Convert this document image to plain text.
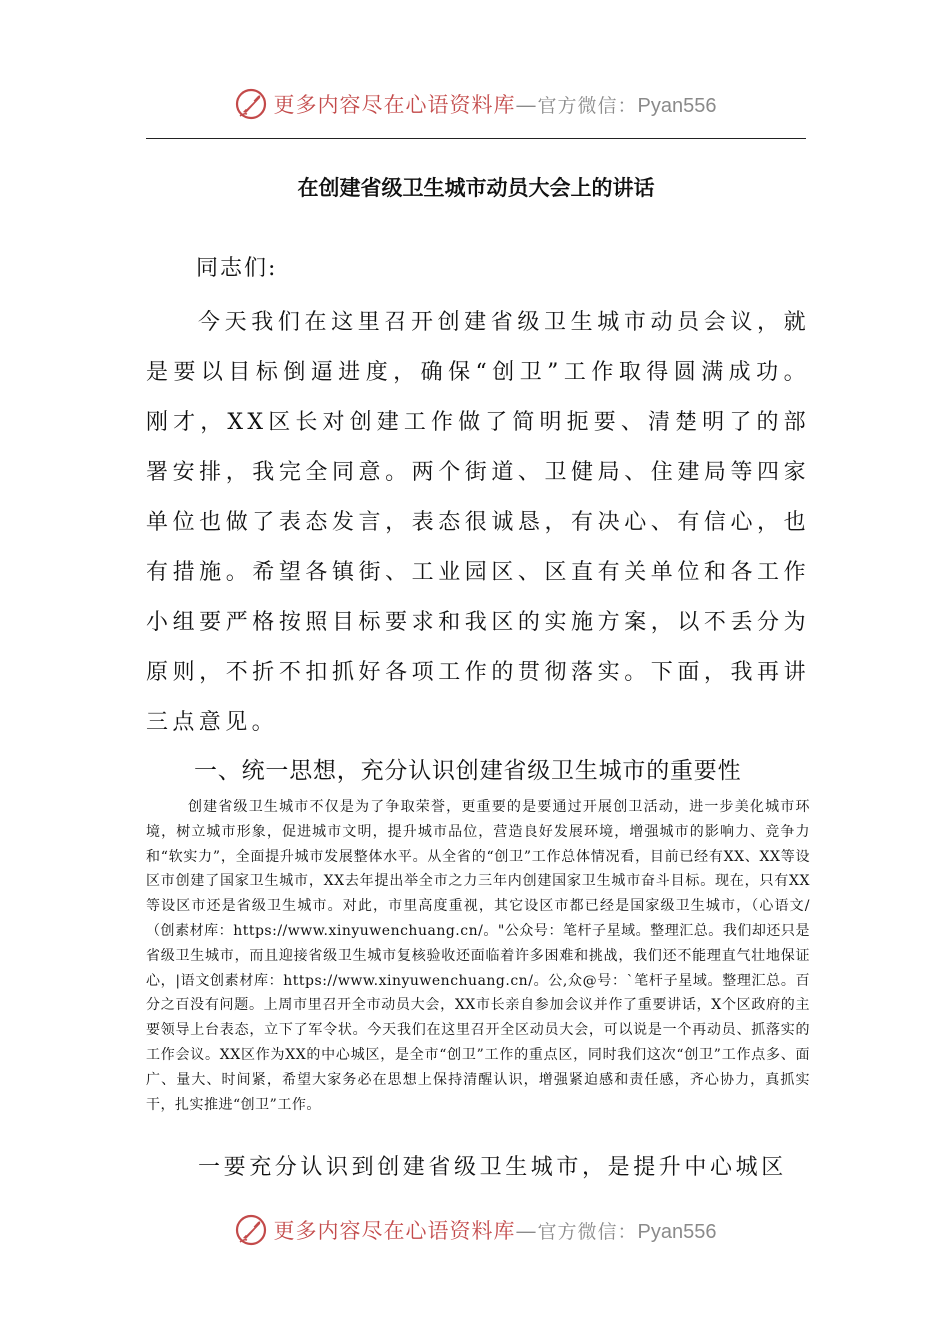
更多内容尽在心语资料库—官方微信：Pyan556
在创建省级卫生城市动员大会上的讲话

同志们:

今天我们在这里召开创建省级卫生城市动员会议，就是要以目标倒逼进度，确保“创卫”工作取得圆满成功。刚才，XX区长对创建工作做了简明扼要、清楚明了的部署安排，我完全同意。两个街道、卫健局、住建局等四家单位也做了表态发言，表态很诚恳，有决心、有信心，也有措施。希望各镇街、工业园区、区直有关单位和各工作小组要严格按照目标要求和我区的实施方案，以不丢分为原则，不折不扣抓好各项工作的贯彻落实。下面，我再讲三点意见。

一、统一思想，充分认识创建省级卫生城市的重要性

创建省级卫生城市不仅是为了争取荣誉，更重要的是要通过开展创卫活动，进一步美化城市环境，树立城市形象，促进城市文明，提升城市品位，营造良好发展环境，增强城市的影响力、竞争力和“软实力”，全面提升城市发展整体水平。从全省的“创卫”工作总体情况看，目前已经有XX、XX等设区市创建了国家卫生城市，XX去年提出举全市之力三年内创建国家卫生城市奋斗目标。现在，只有XX等设区市还是省级卫生城市。对此，市里高度重视，其它设区市都已经是国家级卫生城市，（心语文/（创素材库：https://www.xinyuwenchuang.cn/。"公众号：笔杆子星域。整理汇总。我们却还只是省级卫生城市，而且迎接省级卫生城市复核验收还面临着许多困难和挑战，我们还不能理直气壮地保证心，|语文创素材库：https://www.xinyuwenchuang.cn/。公,众@号：`笔杆子星域。整理汇总。百分之百没有问题。上周市里召开全市动员大会，XX市长亲自参加会议并作了重要讲话，X个区政府的主要领导上台表态，立下了军令状。今天我们在这里召开全区动员大会，可以说是一个再动员、抓落实的工作会议。XX区作为XX的中心城区，是全市“创卫”工作的重点区，同时我们这次“创卫”工作点多、面广、量大、时间紧，希望大家务必在思想上保持清醒认识，增强紧迫感和责任感，齐心协力，真抓实干，扎实推进“创卫”工作。

一要充分认识到创建省级卫生城市，是提升中心城区

更多内容尽在心语资料库—官方微信：Pyan556
